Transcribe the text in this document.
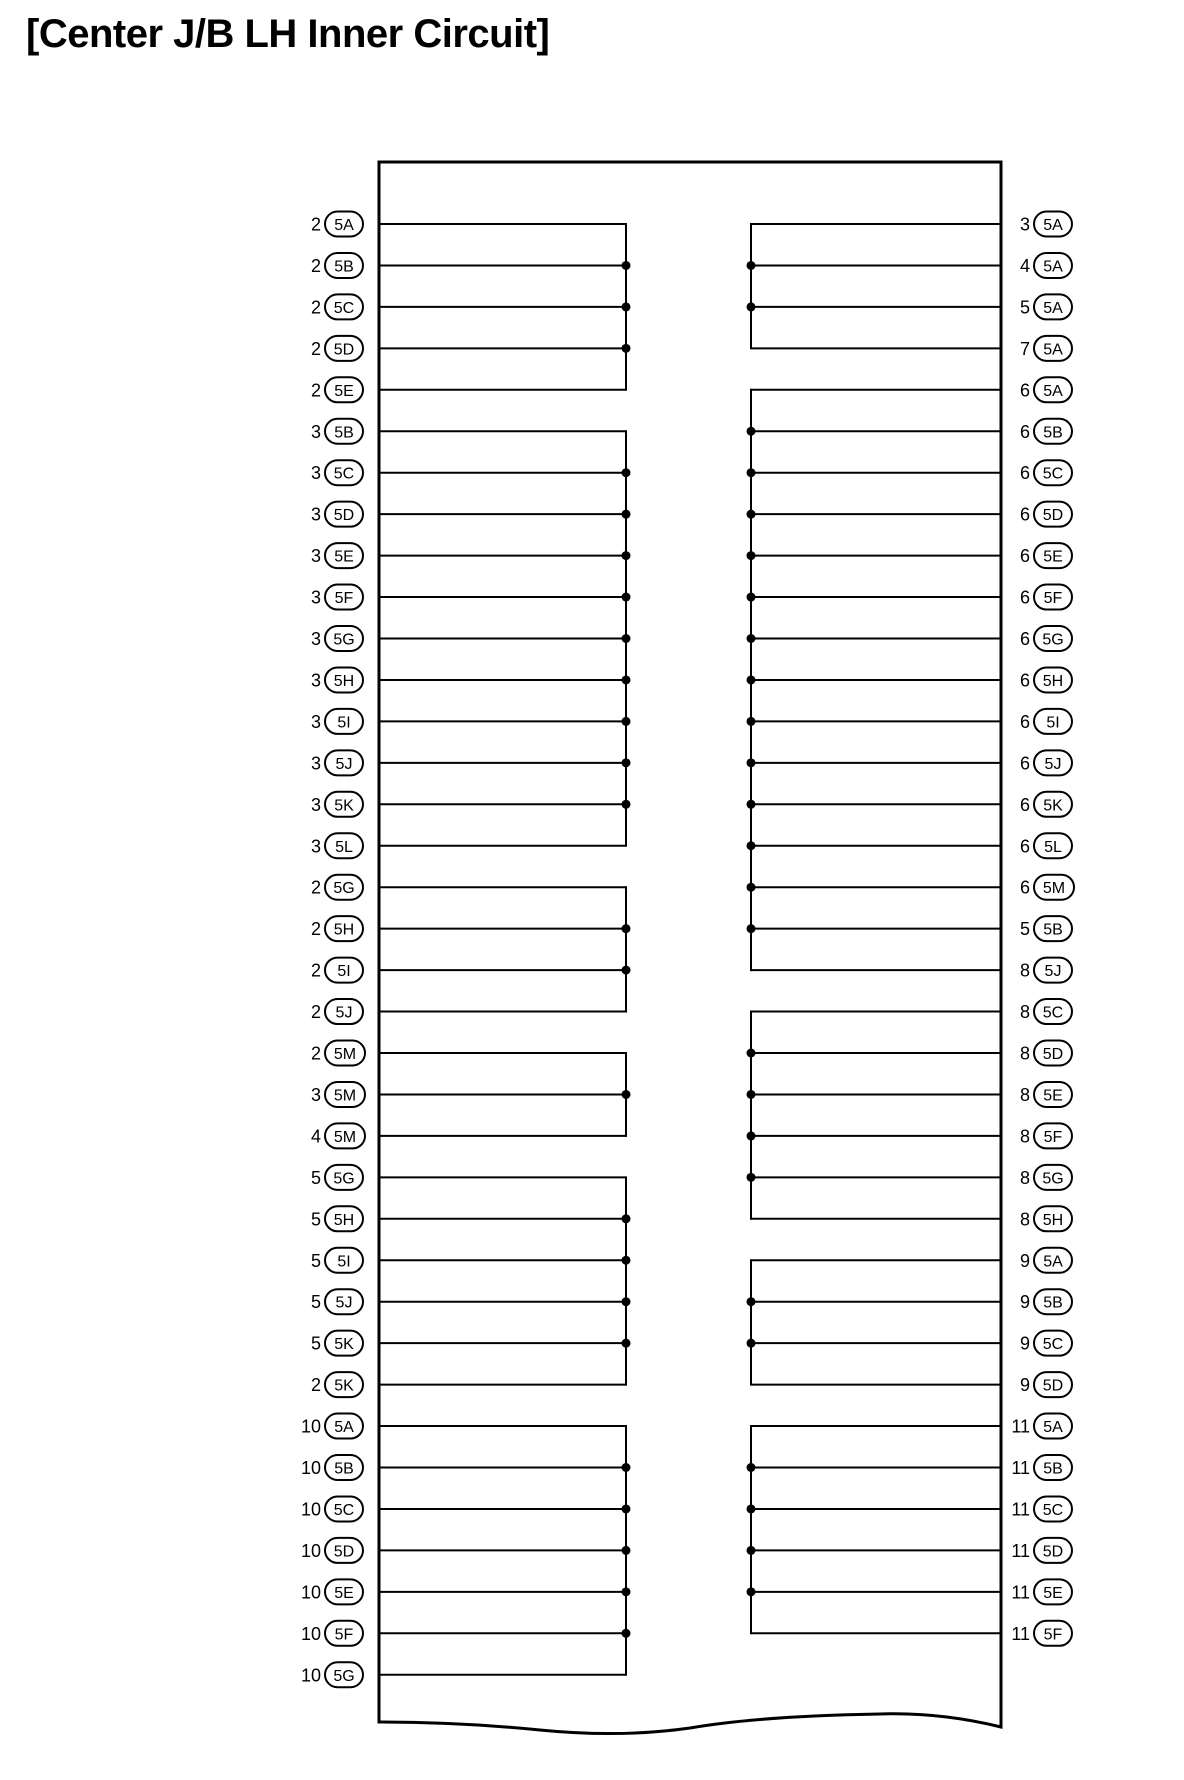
[Center J/B LH Inner Circuit]
2 5A
2 5B
2 5C
2 5D
2 5E
3 5B
3 5C
3 5D
3 5E
3 5F
3 5G
3 5H
3 5I
3 5J
3 5K
3 5L
2 5G
2 5H
2 5I
2 5J
2 5M
3 5M
4 5M
5 5G
5 5H
5 5I
5 5J
5 5K
2 5K
10 5A
10 5B
10 5C
10 5D
10 5E
10 5F
10 5G
3 5A
4 5A
5 5A
7 5A
6 5A
6 5B
6 5C
6 5D
6 5E
6 5F
6 5G
6 5H
6 5I
6 5J
6 5K
6 5L
6 5M
5 5B
8 5J
8 5C
8 5D
8 5E
8 5F
8 5G
8 5H
9 5A
9 5B
9 5C
9 5D
11 5A
11 5B
11 5C
11 5D
11 5E
11 5F
